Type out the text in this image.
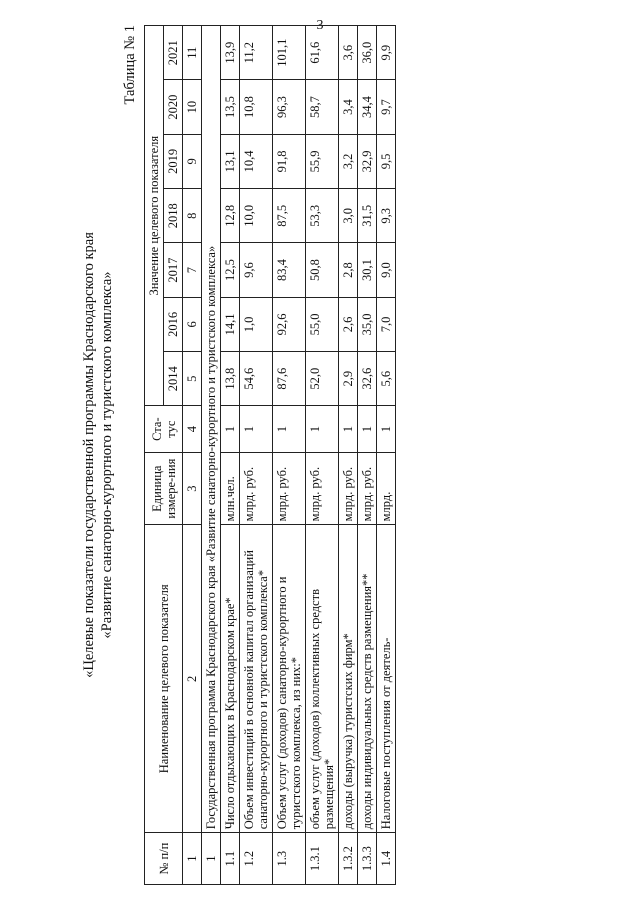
3
«Целевые показатели государственной программы Краснодарского края «Развитие санаторно-курортного и туристского комплекса»
Таблица № 1
№ п/п	Наименование целевого показателя	Единица измере-ния	Ста-тус	Значение целевого показателя						
				2014	2016	2017	2018	2019	2020	2021
1	2	3	4	5	6	7	8	9	10	11
1	Государственная программа Краснодарского края «Развитие санаторно-курортного и туристского комплекса»									
1.1	Число отдыхающих в Краснодарском крае*	млн.чел.	1	13,8	14,1	12,5	12,8	13,1	13,5	13,9
1.2	Объем инвестиций в основной капитал организаций санаторно-курортного и туристского комплекса*	млрд. руб.	1	54,6	1,0	9,6	10,0	10,4	10,8	11,2
1.3	Объем услуг (доходов) санаторно-курортного и туристского комплекса, из них:*	млрд. руб.	1	87,6	92,6	83,4	87,5	91,8	96,3	101,1
1.3.1	объем услуг (доходов) коллективных средств размещения*	млрд. руб.	1	52,0	55,0	50,8	53,3	55,9	58,7	61,6
1.3.2	доходы (выручка) туристских фирм*	млрд. руб.	1	2,9	2,6	2,8	3,0	3,2	3,4	3,6
1.3.3	доходы индивидуальных средств размещения**	млрд. руб.	1	32,6	35,0	30,1	31,5	32,9	34,4	36,0
1.4	Налоговые поступления от деятель-	млрд.	1	5,6	7,0	9,0	9,3	9,5	9,7	9,9
